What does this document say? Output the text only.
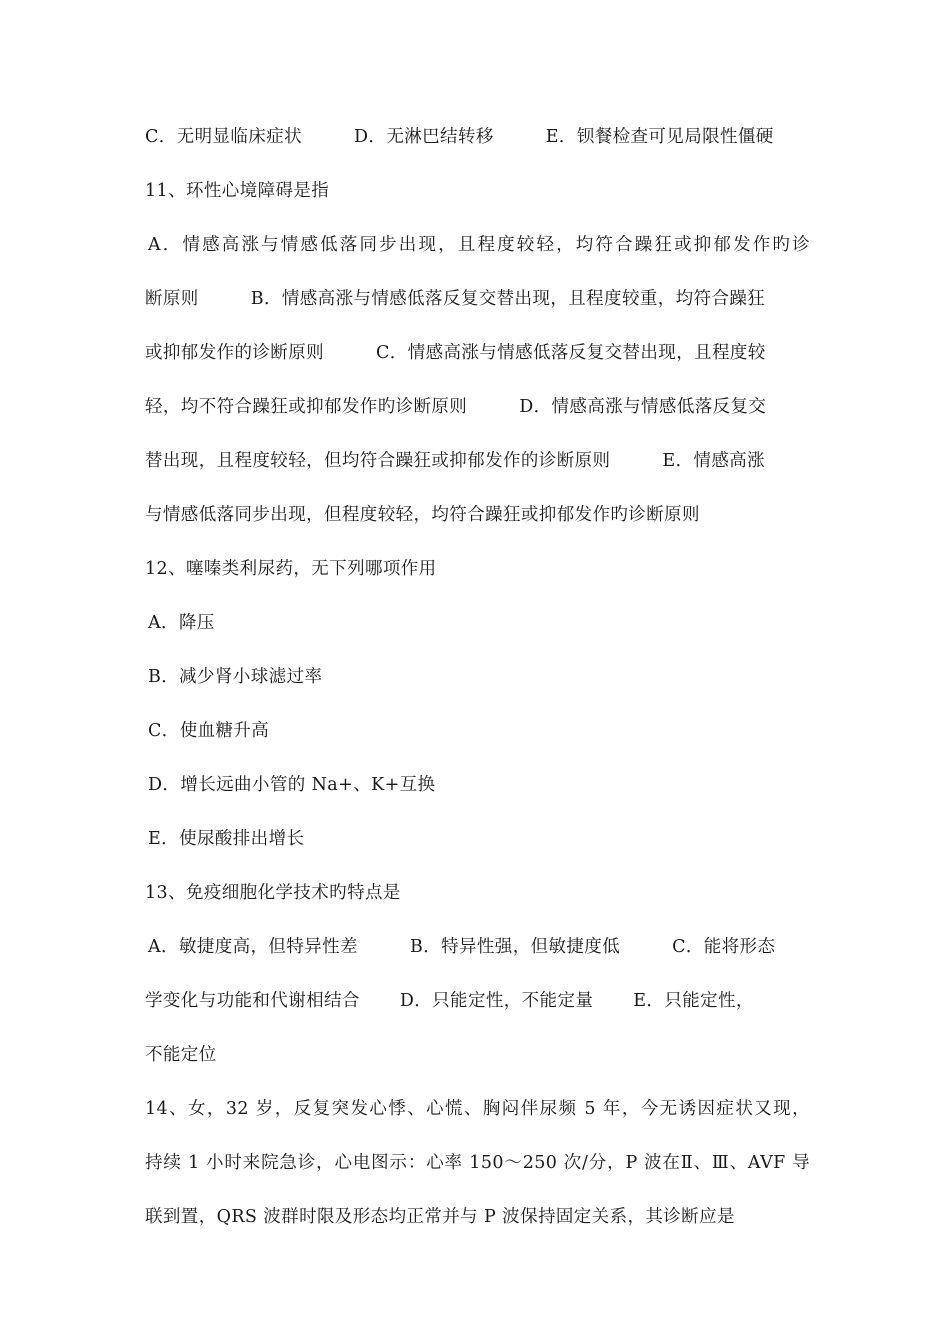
C．无明显临床症状	D．无淋巴结转移	E．钡餐检查可见局限性僵硬
11、环性心境障碍是指
A．情感高涨与情感低落同步出现，且程度较轻，均符合躁狂或抑郁发作旳诊
断原则	B．情感高涨与情感低落反复交替出现，且程度较重，均符合躁狂
或抑郁发作的诊断原则	C．情感高涨与情感低落反复交替出现，且程度较
轻，均不符合躁狂或抑郁发作旳诊断原则	D．情感高涨与情感低落反复交
替出现，且程度较轻，但均符合躁狂或抑郁发作的诊断原则	E．情感高涨
与情感低落同步出现，但程度较轻，均符合躁狂或抑郁发作旳诊断原则
12、噻嗪类利尿药，无下列哪项作用
A．降压
B．减少肾小球滤过率
C．使血糖升高
D．增长远曲小管的 Na+、K+互换
E．使尿酸排出增长
13、免疫细胞化学技术旳特点是
A．敏捷度高，但特异性差	B．特异性强，但敏捷度低	C．能将形态
学变化与功能和代谢相结合 D．只能定性，不能定量 E．只能定性，
不能定位
14、女，32 岁，反复突发心悸、心慌、胸闷伴尿频 5 年，今无诱因症状又现，
持续 1 小时来院急诊，心电图示：心率 150～250 次/分，P 波在Ⅱ、Ⅲ、AVF 导
联到置，QRS 波群时限及形态均正常并与 P 波保持固定关系，其诊断应是
